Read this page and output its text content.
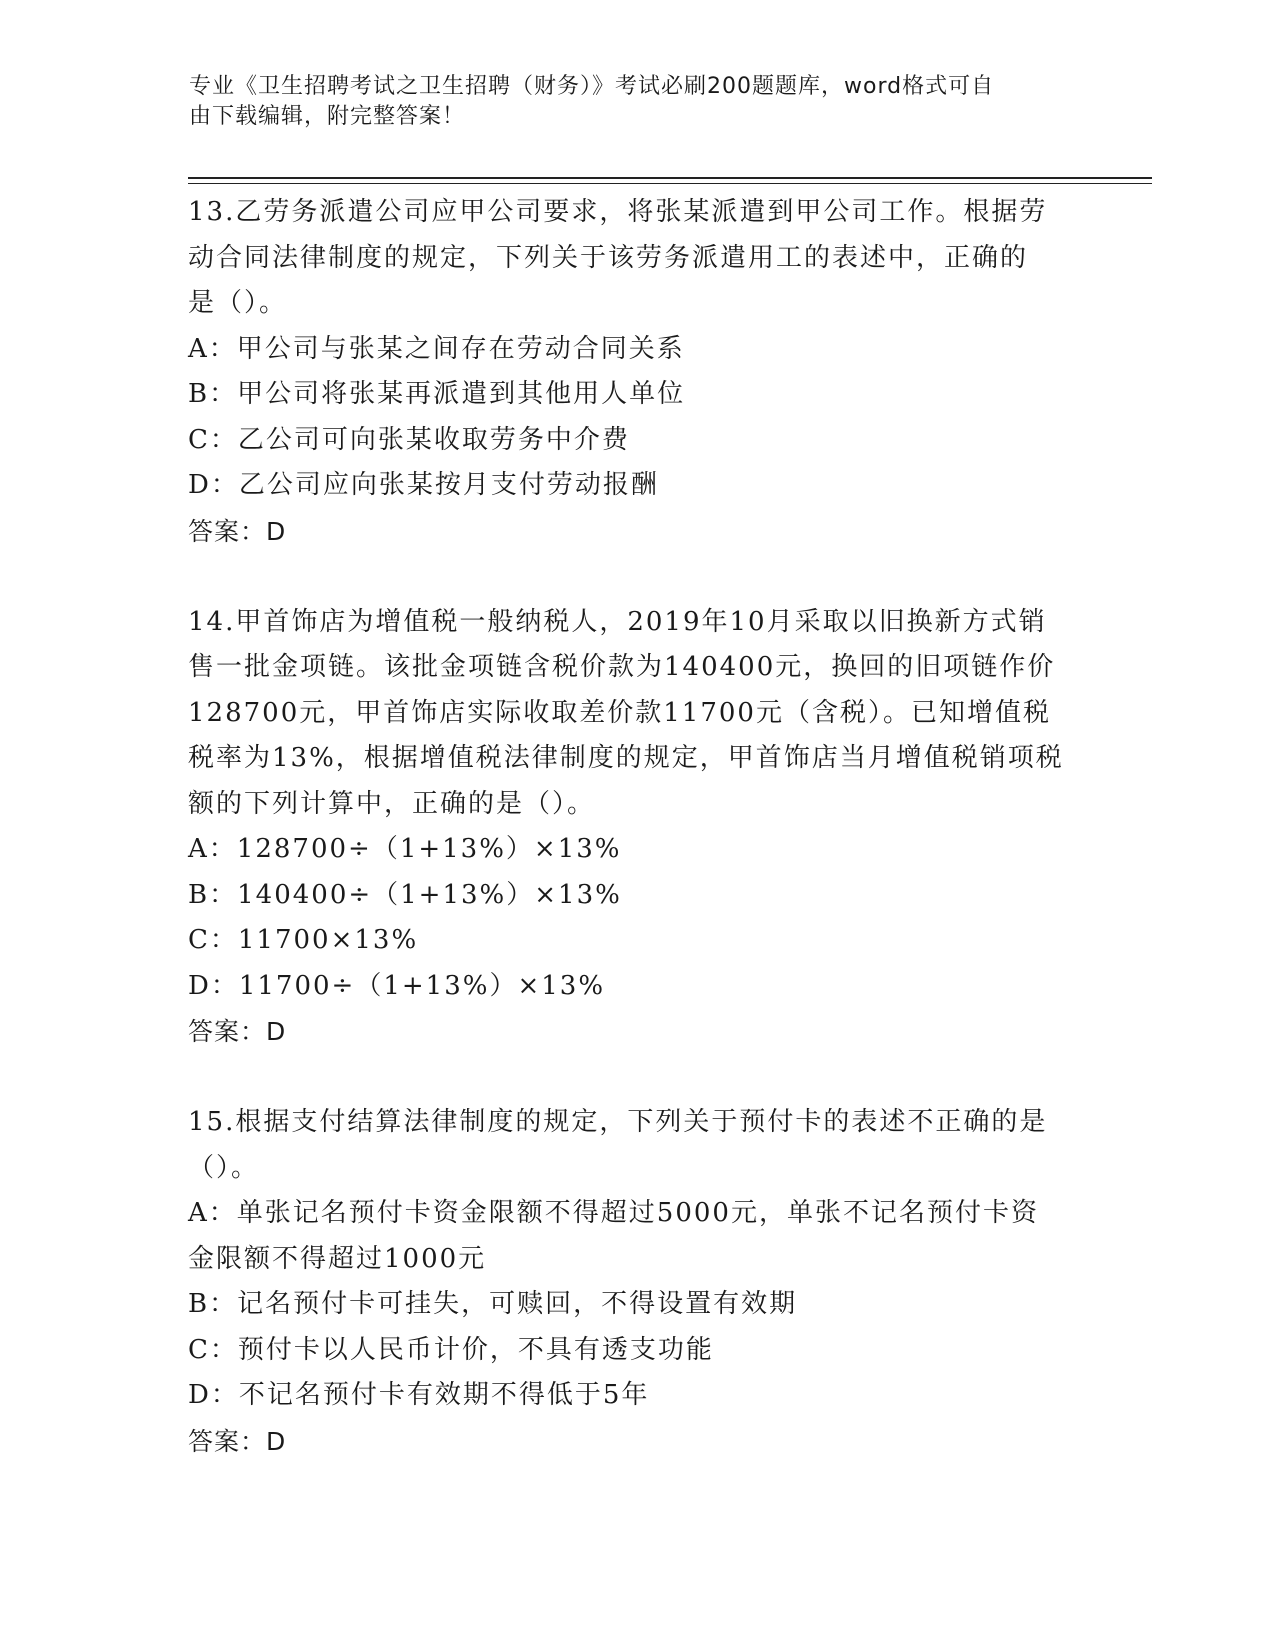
专业《卫生招聘考试之卫生招聘（财务）》考试必刷200题题库，word格式可自
由下载编辑，附完整答案！

13.乙劳务派遣公司应甲公司要求，将张某派遣到甲公司工作。根据劳

动合同法律制度的规定，下列关于该劳务派遣用工的表述中，正确的

是（）。

A：甲公司与张某之间存在劳动合同关系

B：甲公司将张某再派遣到其他用人单位

C：乙公司可向张某收取劳务中介费

D：乙公司应向张某按月支付劳动报酬

答案：D

14.甲首饰店为增值税一般纳税人，2019年10月采取以旧换新方式销

售一批金项链。该批金项链含税价款为140400元，换回的旧项链作价

128700元，甲首饰店实际收取差价款11700元（含税）。已知增值税

税率为13%，根据增值税法律制度的规定，甲首饰店当月增值税销项税

额的下列计算中，正确的是（）。

A：128700÷（1+13%）×13%

B：140400÷（1+13%）×13%

C：11700×13%

D：11700÷（1+13%）×13%

答案：D

15.根据支付结算法律制度的规定，下列关于预付卡的表述不正确的是

（）。

A：单张记名预付卡资金限额不得超过5000元，单张不记名预付卡资

金限额不得超过1000元

B：记名预付卡可挂失，可赎回，不得设置有效期

C：预付卡以人民币计价，不具有透支功能

D：不记名预付卡有效期不得低于5年

答案：D
